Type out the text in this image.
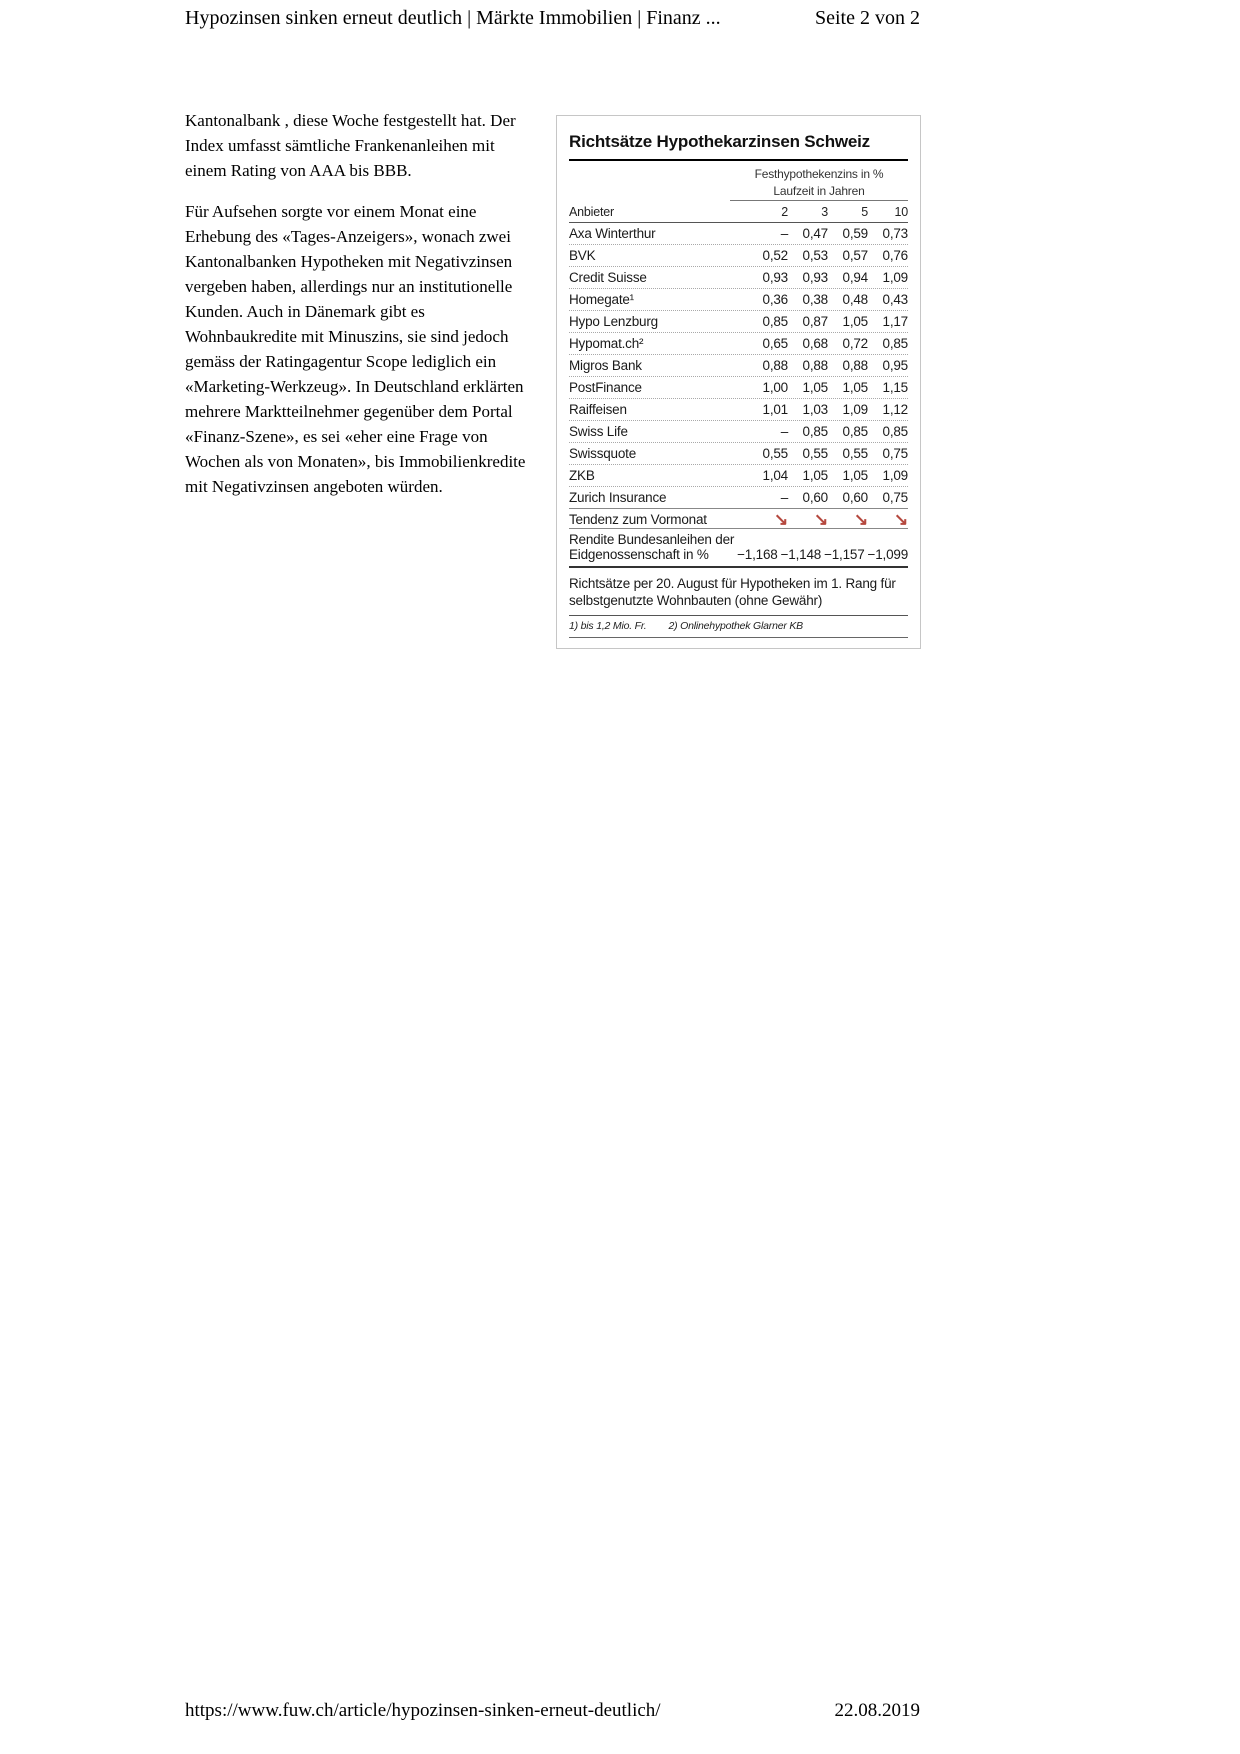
Hypozinsen sinken erneut deutlich | Märkte Immobilien | Finanz ...	Seite 2 von 2

Kantonalbank , diese Woche festgestellt hat. Der Index umfasst sämtliche Frankenanleihen mit einem Rating von AAA bis BBB.

Für Aufsehen sorgte vor einem Monat eine Erhebung des «Tages-Anzeigers», wonach zwei Kantonalbanken Hypotheken mit Negativzinsen vergeben haben, allerdings nur an institutionelle Kunden. Auch in Dänemark gibt es Wohnbaukredite mit Minuszins, sie sind jedoch gemäss der Ratingagentur Scope lediglich ein «Marketing-Werkzeug». In Deutschland erklärten mehrere Marktteilnehmer gegenüber dem Portal «Finanz-Szene», es sei «eher eine Frage von Wochen als von Monaten», bis Immobilienkredite mit Negativzinsen angeboten würden.

Richtsätze Hypothekarzinsen Schweiz
Festhypothekenzins in %
Laufzeit in Jahren
Anbieter	2	3	5	10
Axa Winterthur	–	0,47	0,59	0,73
BVK	0,52	0,53	0,57	0,76
Credit Suisse	0,93	0,93	0,94	1,09
Homegate¹	0,36	0,38	0,48	0,43
Hypo Lenzburg	0,85	0,87	1,05	1,17
Hypomat.ch²	0,65	0,68	0,72	0,85
Migros Bank	0,88	0,88	0,88	0,95
PostFinance	1,00	1,05	1,05	1,15
Raiffeisen	1,01	1,03	1,09	1,12
Swiss Life	–	0,85	0,85	0,85
Swissquote	0,55	0,55	0,55	0,75
ZKB	1,04	1,05	1,05	1,09
Zurich Insurance	–	0,60	0,60	0,75
Tendenz zum Vormonat	↘	↘	↘	↘
Rendite Bundesanleihen der
Eidgenossenschaft in %	−1,168 −1,148 −1,157 −1,099
Richtsätze per 20. August für Hypotheken im 1. Rang für selbstgenutzte Wohnbauten (ohne Gewähr)
1) bis 1,2 Mio. Fr. 2) Onlinehypothek Glarner KB
https://www.fuw.ch/article/hypozinsen-sinken-erneut-deutlich/	22.08.2019
